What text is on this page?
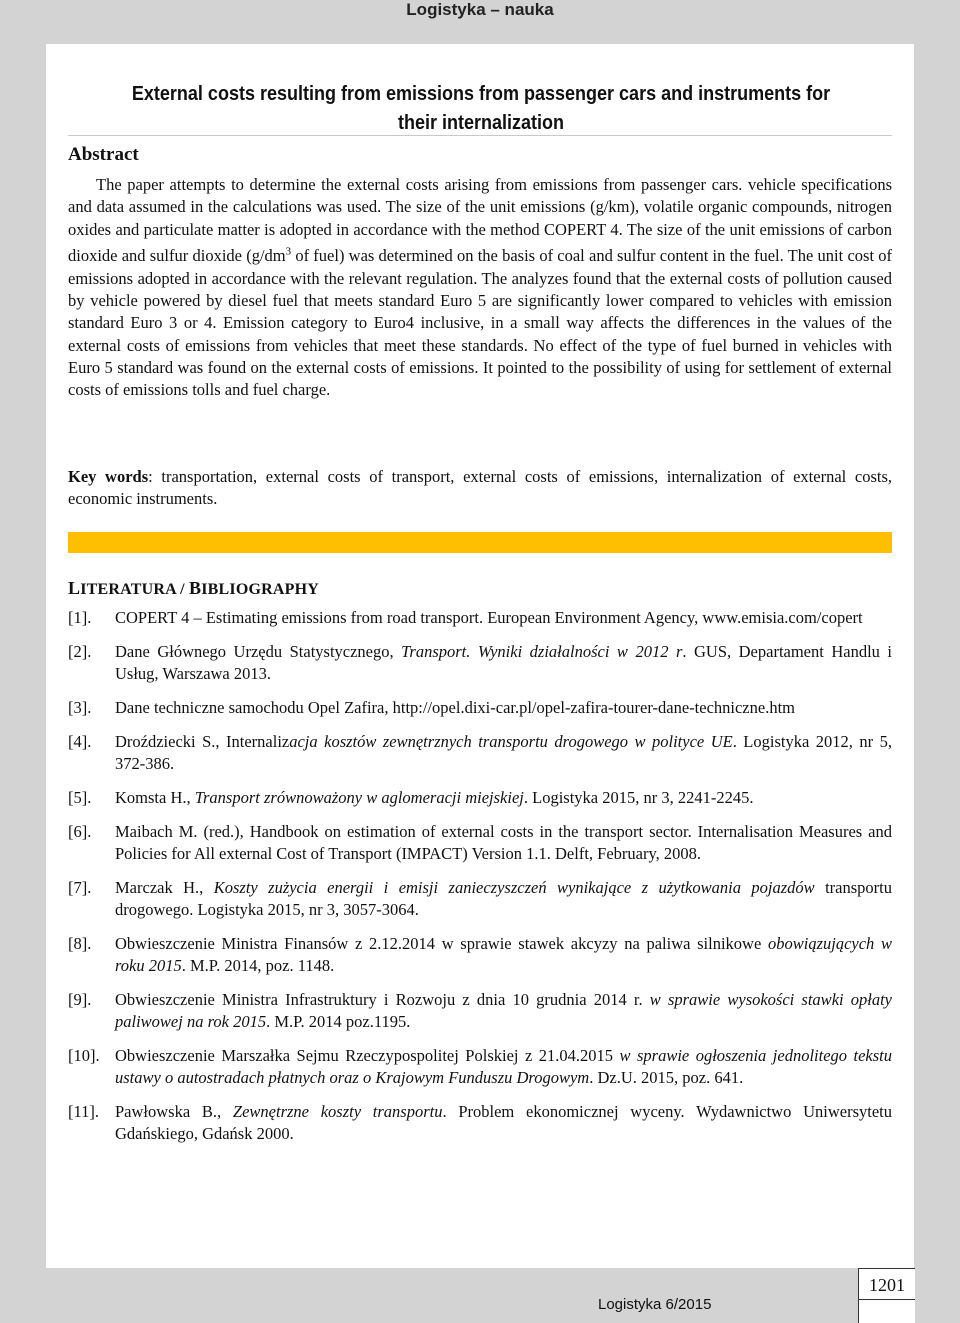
Logistyka – nauka
External costs resulting from emissions from passenger cars and instruments for their internalization
Abstract

The paper attempts to determine the external costs arising from emissions from passenger cars. vehicle specifications and data assumed in the calculations was used. The size of the unit emissions (g/km), volatile organic compounds, nitrogen oxides and particulate matter is adopted in accordance with the method COPERT 4. The size of the unit emissions of carbon dioxide and sulfur dioxide ($g/dm^3$ of fuel) was determined on the basis of coal and sulfur content in the fuel. The unit cost of emissions adopted in accordance with the relevant regulation. The analyzes found that the external costs of pollution caused by vehicle powered by diesel fuel that meets standard Euro 5 are significantly lower compared to vehicles with emission standard Euro 3 or 4. Emission category to Euro4 inclusive, in a small way affects the differences in the values of the external costs of emissions from vehicles that meet these standards. No effect of the type of fuel burned in vehicles with Euro 5 standard was found on the external costs of emissions. It pointed to the possibility of using for settlement of external costs of emissions tolls and fuel charge.

Key words: transportation, external costs of transport, external costs of emissions, internalization of external costs, economic instruments.

LITERATURA / BIBLIOGRAPHY
[1]. COPERT 4 – Estimating emissions from road transport. European Environment Agency, www.emisia.com/copert
[2]. Dane Głównego Urzędu Statystycznego, Transport. Wyniki działalności w 2012 r. GUS, Departament Handlu i Usług, Warszawa 2013.
[3]. Dane techniczne samochodu Opel Zafira, http://opel.dixi-car.pl/opel-zafira-tourer-dane-techniczne.htm
[4]. Droździecki S., Internalizacja kosztów zewnętrznych transportu drogowego w polityce UE. Logistyka 2012, nr 5, 372-386.
[5]. Komsta H., Transport zrównoważony w aglomeracji miejskiej. Logistyka 2015, nr 3, 2241-2245.
[6]. Maibach M. (red.), Handbook on estimation of external costs in the transport sector. Internalisation Measures and Policies for All external Cost of Transport (IMPACT) Version 1.1. Delft, February, 2008.
[7]. Marczak H., Koszty zużycia energii i emisji zanieczyszczeń wynikające z użytkowania pojazdów transportu drogowego. Logistyka 2015, nr 3, 3057-3064.
[8]. Obwieszczenie Ministra Finansów z 2.12.2014 w sprawie stawek akcyzy na paliwa silnikowe obowiązujących w roku 2015. M.P. 2014, poz. 1148.
[9]. Obwieszczenie Ministra Infrastruktury i Rozwoju z dnia 10 grudnia 2014 r. w sprawie wysokości stawki opłaty paliwowej na rok 2015. M.P. 2014 poz.1195.
[10]. Obwieszczenie Marszałka Sejmu Rzeczypospolitej Polskiej z 21.04.2015 w sprawie ogłoszenia jednolitego tekstu ustawy o autostradach płatnych oraz o Krajowym Funduszu Drogowym. Dz.U. 2015, poz. 641.
[11]. Pawłowska B., Zewnętrzne koszty transportu. Problem ekonomicznej wyceny. Wydawnictwo Uniwersytetu Gdańskiego, Gdańsk 2000.
Logistyka 6/2015
1201
